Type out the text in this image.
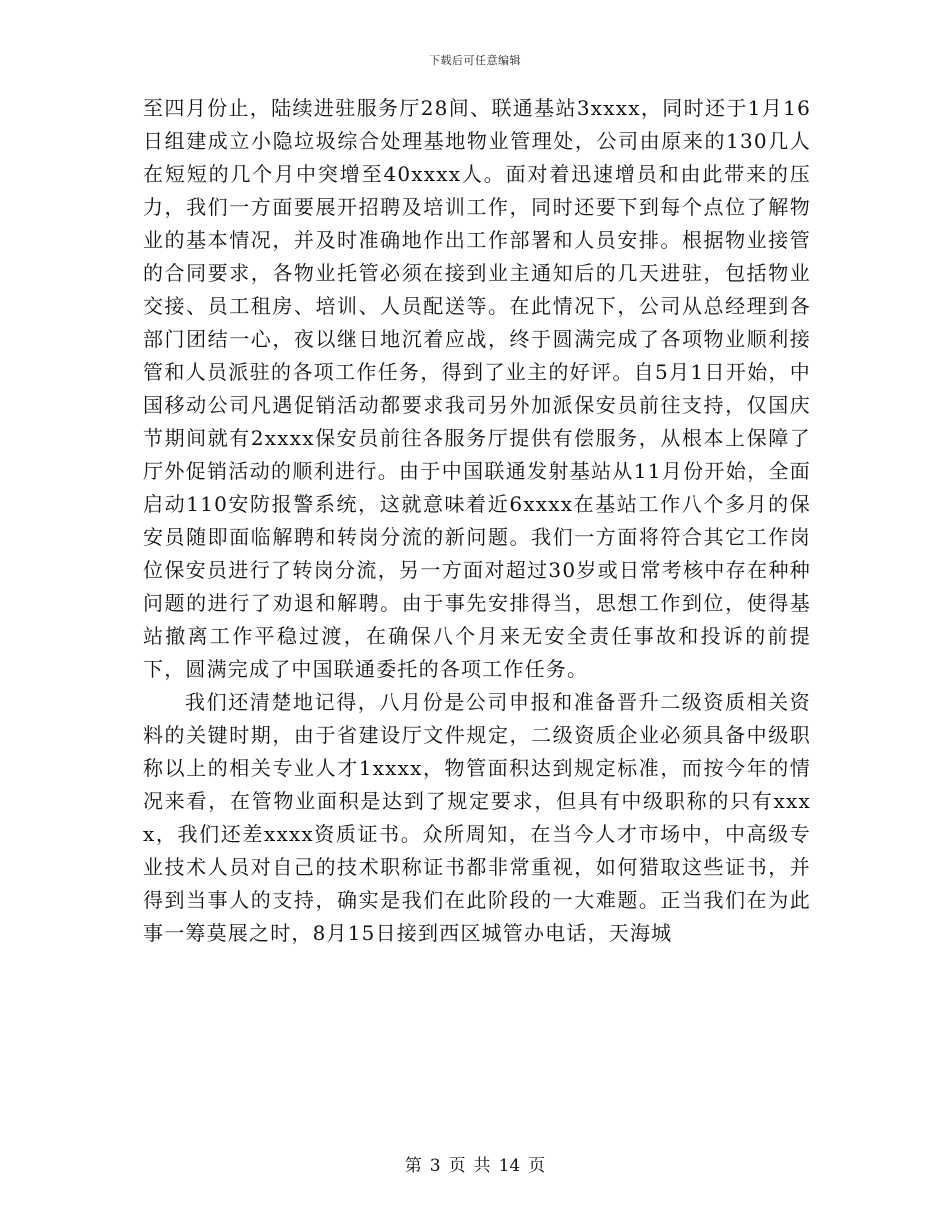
下载后可任意编辑

至四月份止，陆续进驻服务厅28间、联通基站3xxxx，同时还于1月16日组建成立小隐垃圾综合处理基地物业管理处，公司由原来的130几人在短短的几个月中突增至40xxxx人。面对着迅速增员和由此带来的压力，我们一方面要展开招聘及培训工作，同时还要下到每个点位了解物业的基本情况，并及时准确地作出工作部署和人员安排。根据物业接管的合同要求，各物业托管必须在接到业主通知后的几天进驻，包括物业交接、员工租房、培训、人员配送等。在此情况下，公司从总经理到各部门团结一心，夜以继日地沉着应战，终于圆满完成了各项物业顺利接管和人员派驻的各项工作任务，得到了业主的好评。自5月1日开始，中国移动公司凡遇促销活动都要求我司另外加派保安员前往支持，仅国庆节期间就有2xxxx保安员前往各服务厅提供有偿服务，从根本上保障了厅外促销活动的顺利进行。由于中国联通发射基站从11月份开始，全面启动110安防报警系统，这就意味着近6xxxx在基站工作八个多月的保安员随即面临解聘和转岗分流的新问题。我们一方面将符合其它工作岗位保安员进行了转岗分流，另一方面对超过30岁或日常考核中存在种种问题的进行了劝退和解聘。由于事先安排得当，思想工作到位，使得基站撤离工作平稳过渡，在确保八个月来无安全责任事故和投诉的前提下，圆满完成了中国联通委托的各项工作任务。

我们还清楚地记得，八月份是公司申报和准备晋升二级资质相关资料的关键时期，由于省建设厅文件规定，二级资质企业必须具备中级职称以上的相关专业人才1xxxx，物管面积达到规定标准，而按今年的情况来看，在管物业面积是达到了规定要求，但具有中级职称的只有xxxx，我们还差xxxx资质证书。众所周知，在当今人才市场中，中高级专业技术人员对自己的技术职称证书都非常重视，如何猎取这些证书，并得到当事人的支持，确实是我们在此阶段的一大难题。正当我们在为此事一筹莫展之时，8月15日接到西区城管办电话，天海城

第 3 页 共 14 页
